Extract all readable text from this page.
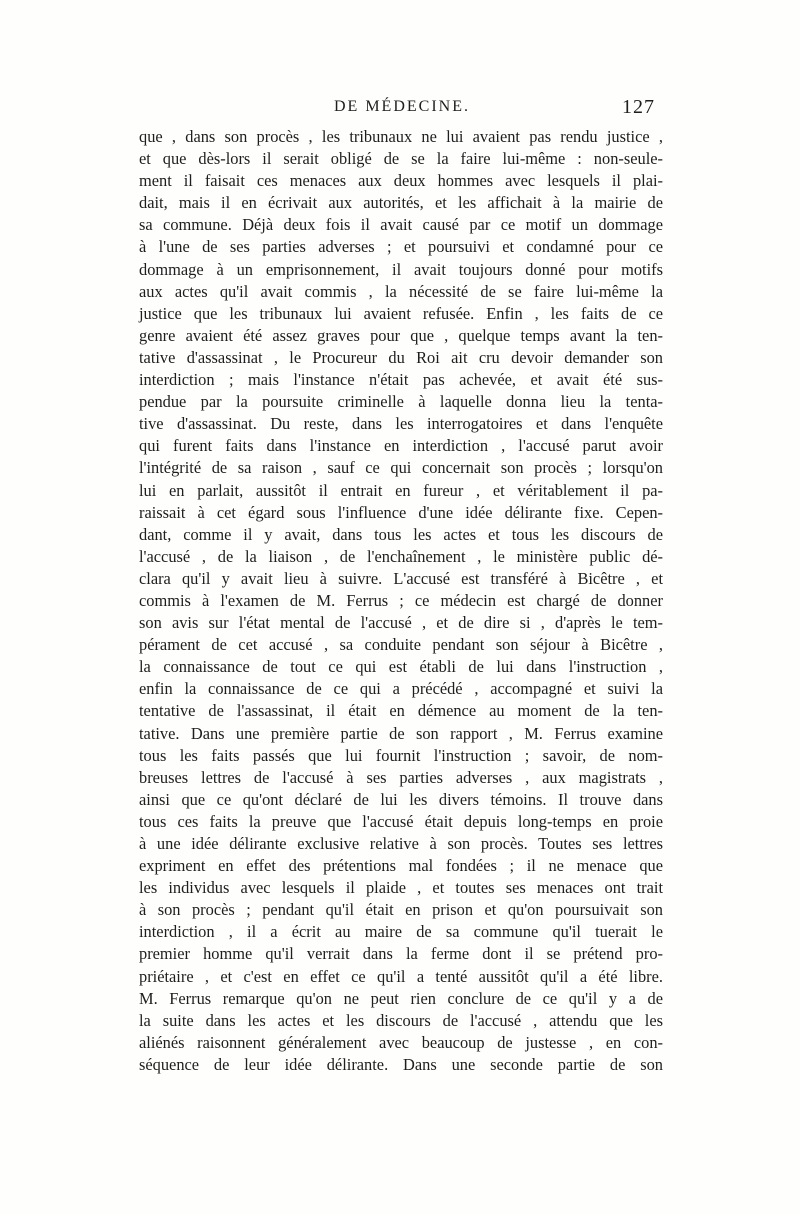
DE MÉDECINE.	127
que , dans son procès , les tribunaux ne lui avaient pas rendu justice ,
et que dès-lors il serait obligé de se la faire lui-même : non-seule-
ment il faisait ces menaces aux deux hommes avec lesquels il plai-
dait, mais il en écrivait aux autorités, et les affichait à la mairie de
sa commune. Déjà deux fois il avait causé par ce motif un dommage
à l'une de ses parties adverses ; et poursuivi et condamné pour ce
dommage à un emprisonnement, il avait toujours donné pour motifs
aux actes qu'il avait commis , la nécessité de se faire lui-même la
justice que les tribunaux lui avaient refusée. Enfin , les faits de ce
genre avaient été assez graves pour que , quelque temps avant la ten-
tative d'assassinat , le Procureur du Roi ait cru devoir demander son
interdiction ; mais l'instance n'était pas achevée, et avait été sus-
pendue par la poursuite criminelle à laquelle donna lieu la tenta-
tive d'assassinat. Du reste, dans les interrogatoires et dans l'enquête
qui furent faits dans l'instance en interdiction , l'accusé parut avoir
l'intégrité de sa raison , sauf ce qui concernait son procès ; lorsqu'on
lui en parlait, aussitôt il entrait en fureur , et véritablement il pa-
raissait à cet égard sous l'influence d'une idée délirante fixe. Cepen-
dant, comme il y avait, dans tous les actes et tous les discours de
l'accusé , de la liaison , de l'enchaînement , le ministère public dé-
clara qu'il y avait lieu à suivre. L'accusé est transféré à Bicêtre , et
commis à l'examen de M. Ferrus ; ce médecin est chargé de donner
son avis sur l'état mental de l'accusé , et de dire si , d'après le tem-
pérament de cet accusé , sa conduite pendant son séjour à Bicêtre ,
la connaissance de tout ce qui est établi de lui dans l'instruction ,
enfin la connaissance de ce qui a précédé , accompagné et suivi la
tentative de l'assassinat, il était en démence au moment de la ten-
tative. Dans une première partie de son rapport , M. Ferrus examine
tous les faits passés que lui fournit l'instruction ; savoir, de nom-
breuses lettres de l'accusé à ses parties adverses , aux magistrats ,
ainsi que ce qu'ont déclaré de lui les divers témoins. Il trouve dans
tous ces faits la preuve que l'accusé était depuis long-temps en proie
à une idée délirante exclusive relative à son procès. Toutes ses lettres
expriment en effet des prétentions mal fondées ; il ne menace que
les individus avec lesquels il plaide , et toutes ses menaces ont trait
à son procès ; pendant qu'il était en prison et qu'on poursuivait son
interdiction , il a écrit au maire de sa commune qu'il tuerait le
premier homme qu'il verrait dans la ferme dont il se prétend pro-
priétaire , et c'est en effet ce qu'il a tenté aussitôt qu'il a été libre.
M. Ferrus remarque qu'on ne peut rien conclure de ce qu'il y a de
la suite dans les actes et les discours de l'accusé , attendu que les
aliénés raisonnent généralement avec beaucoup de justesse , en con-
séquence de leur idée délirante. Dans une seconde partie de son
